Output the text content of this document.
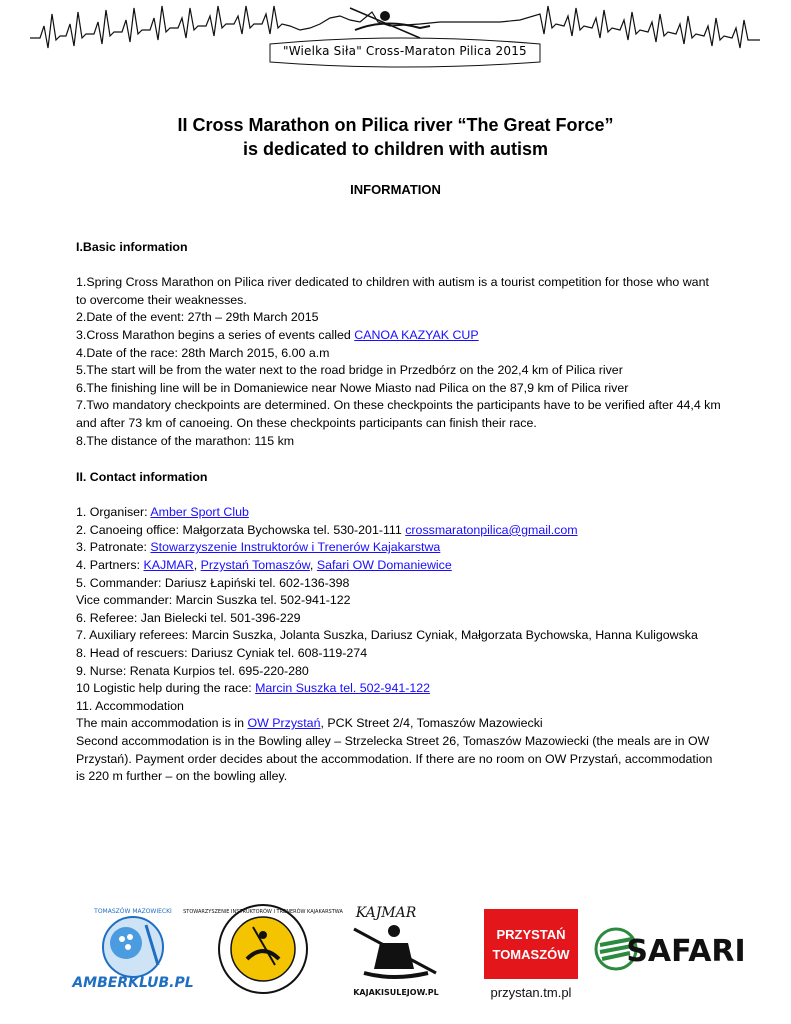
"Wielka Siła" Cross-Maraton Pilica 2015
II Cross Marathon on Pilica river “The Great Force”
is dedicated to children with autism
INFORMATION

I.Basic information

1.Spring Cross Marathon on Pilica river dedicated to children with autism is a tourist competition for those who want to overcome their weaknesses.

2.Date of the event: 27th – 29th March 2015

3.Cross Marathon begins a series of events called CANOA KAZYAK CUP

4.Date of the race: 28th March 2015, 6.00 a.m

5.The start will be from the water next to the road bridge in Przedbórz on the 202,4 km of Pilica river

6.The finishing line will be in Domaniewice near Nowe Miasto nad Pilica on the 87,9 km of Pilica river

7.Two mandatory checkpoints are determined. On these checkpoints the participants have to be verified after 44,4 km and after 73 km of canoeing. On these checkpoints participants can finish their race.

8.The distance of the marathon: 115 km

II. Contact information

1. Organiser: Amber Sport Club

2. Canoeing office: Małgorzata Bychowska tel. 530-201-111 crossmaratonpilica@gmail.com

3. Patronate: Stowarzyszenie Instruktorów i Trenerów Kajakarstwa

4. Partners: KAJMAR, Przystań Tomaszów, Safari OW Domaniewice

5. Commander: Dariusz Łapiński tel. 602-136-398

Vice commander: Marcin Suszka tel. 502-941-122

6. Referee: Jan Bielecki tel. 501-396-229

7. Auxiliary referees: Marcin Suszka, Jolanta Suszka, Dariusz Cyniak, Małgorzata Bychowska, Hanna Kuligowska

8. Head of rescuers: Dariusz Cyniak tel. 608-119-274

9. Nurse: Renata Kurpios tel. 695-220-280

10 Logistic help during the race: Marcin Suszka tel. 502-941-122

11. Accommodation

The main accommodation is in OW Przystań, PCK Street 2/4, Tomaszów Mazowiecki

Second accommodation is in the Bowling alley – Strzelecka Street 26, Tomaszów Mazowiecki (the meals are in OW Przystań). Payment order decides about the accommodation. If there are no room on OW Przystań, accommodation is 220 m further – on the bowling alley.

TOMASZÓW MAZOWIECKI
AMBERKLUB.PL
STOWARZYSZENIE INSTRUKTORÓW I TRENERÓW KAJAKARSTWA KAJMAR
KAJAKISULEJOW.PL
PRZYSTAŃ
TOMASZÓW
przystan.tm.pl
SAFARI
